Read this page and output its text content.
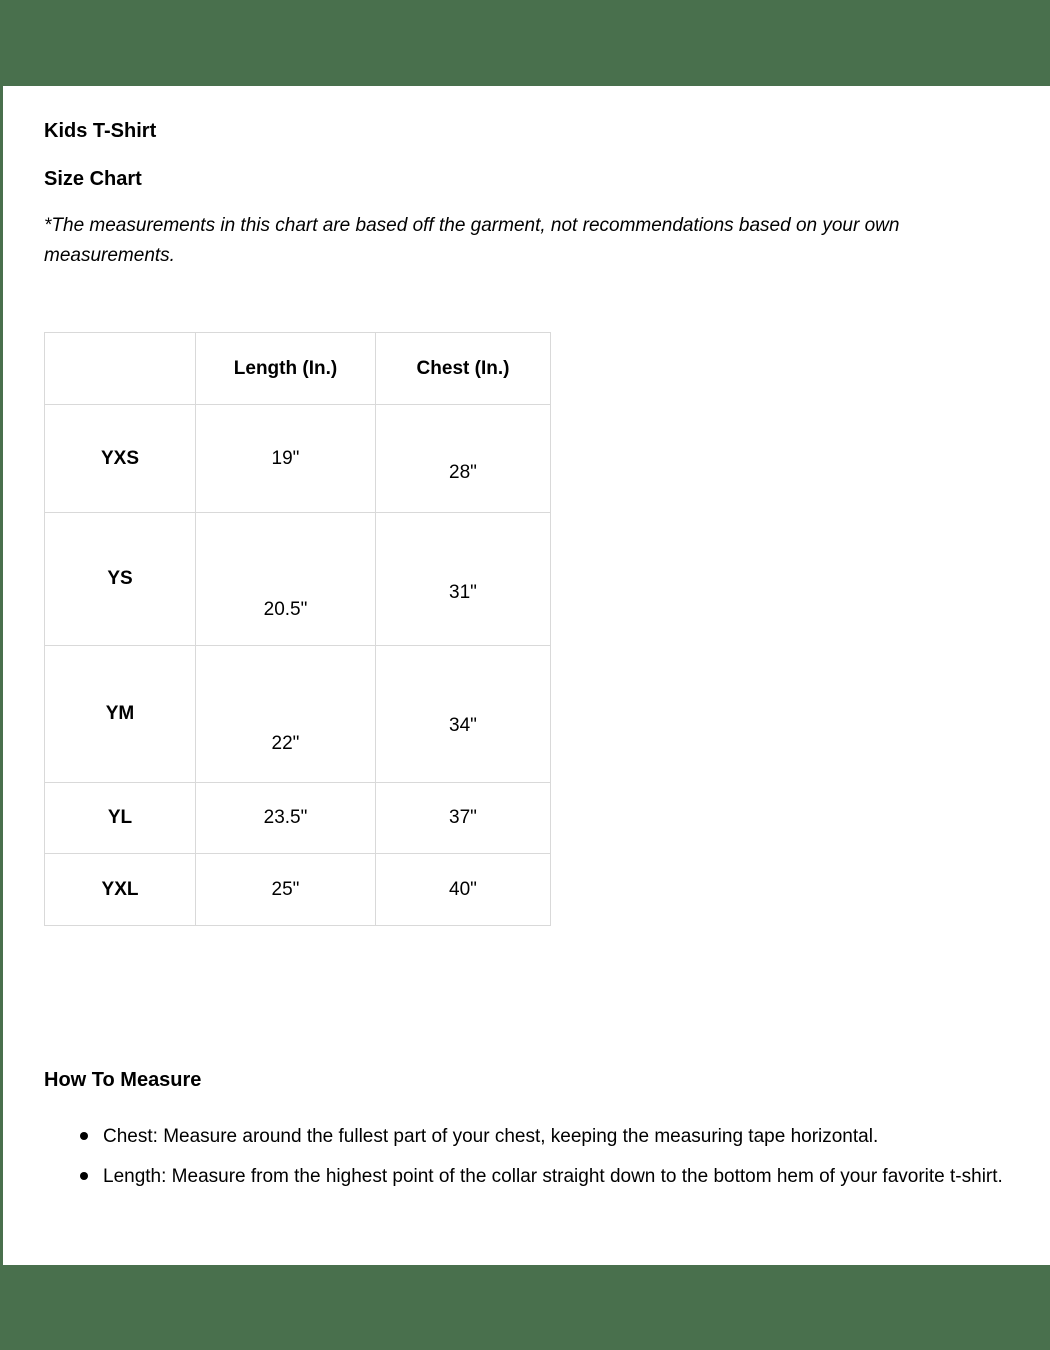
Kids T-Shirt
Size Chart

*The measurements in this chart are based off the garment, not recommendations based on your own measurements.

	Length (In.)	Chest (In.)
YXS	19"	28"
YS	20.5"	31"
YM	22"	34"
YL	23.5"	37"
YXL	25"	40"
How To Measure
Chest: Measure around the fullest part of your chest, keeping the measuring tape horizontal.
Length: Measure from the highest point of the collar straight down to the bottom hem of your favorite t-shirt.
